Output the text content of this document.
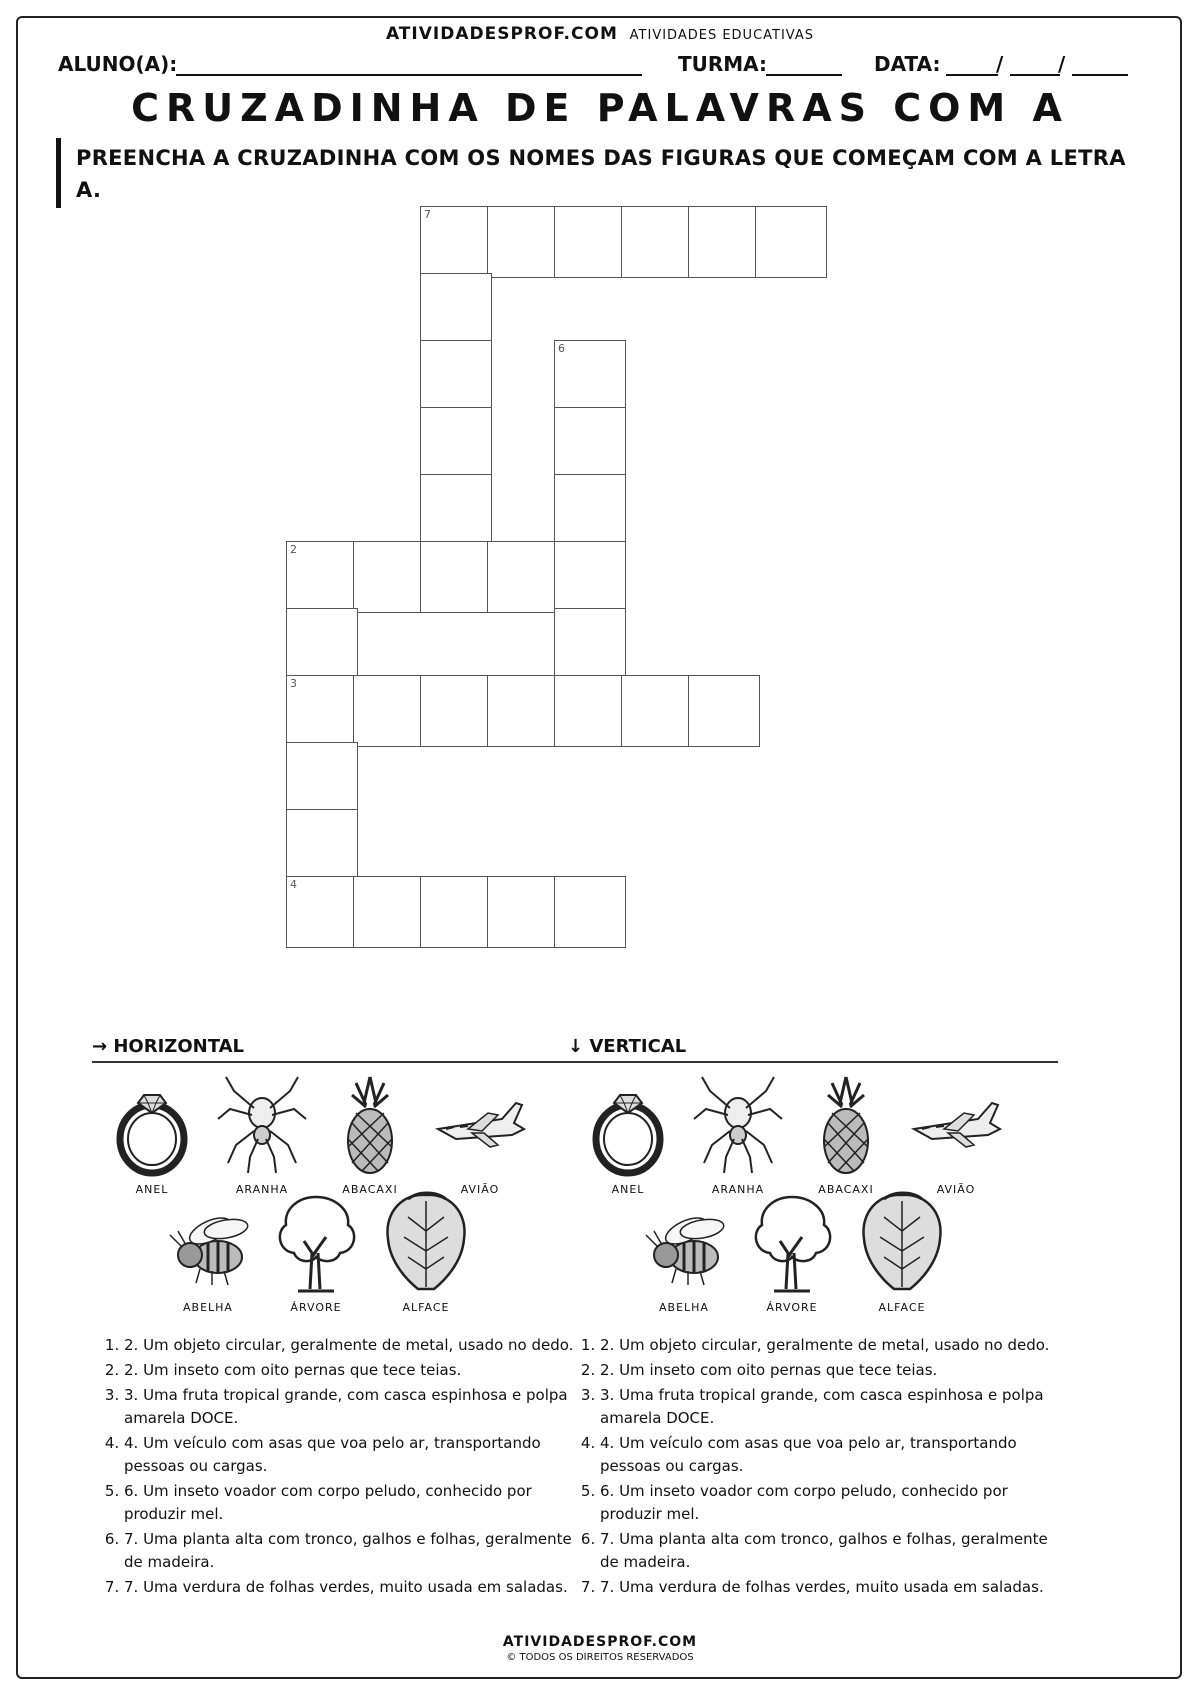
ATIVIDADESPROF.COM ATIVIDADES EDUCATIVAS
ALUNO(A):	TURMA:	DATA:	/	/
CRUZADINHA DE PALAVRAS COM A
PREENCHA A CRUZADINHA COM OS NOMES DAS FIGURAS QUE COMEÇAM COM A LETRA A.
7
6
2
3
4
→ HORIZONTAL
ANEL	ARANHA	ABACAXI	AVIÃO
ABELHA	ÁRVORE	ALFACE
1. 2. Um objeto circular, geralmente de metal, usado no dedo.
2. 2. Um inseto com oito pernas que tece teias.
3. 3. Uma fruta tropical grande, com casca espinhosa e polpa amarela DOCE.
4. 4. Um veículo com asas que voa pelo ar, transportando pessoas ou cargas.
5. 6. Um inseto voador com corpo peludo, conhecido por produzir mel.
6. 7. Uma planta alta com tronco, galhos e folhas, geralmente de madeira.
7. 7. Uma verdura de folhas verdes, muito usada em saladas.
↓ VERTICAL
ANEL	ARANHA	ABACAXI	AVIÃO
ABELHA	ÁRVORE	ALFACE
1. 2. Um objeto circular, geralmente de metal, usado no dedo.
2. 2. Um inseto com oito pernas que tece teias.
3. 3. Uma fruta tropical grande, com casca espinhosa e polpa amarela DOCE.
4. 4. Um veículo com asas que voa pelo ar, transportando pessoas ou cargas.
5. 6. Um inseto voador com corpo peludo, conhecido por produzir mel.
6. 7. Uma planta alta com tronco, galhos e folhas, geralmente de madeira.
7. 7. Uma verdura de folhas verdes, muito usada em saladas.
ATIVIDADESPROF.COM
© TODOS OS DIREITOS RESERVADOS
